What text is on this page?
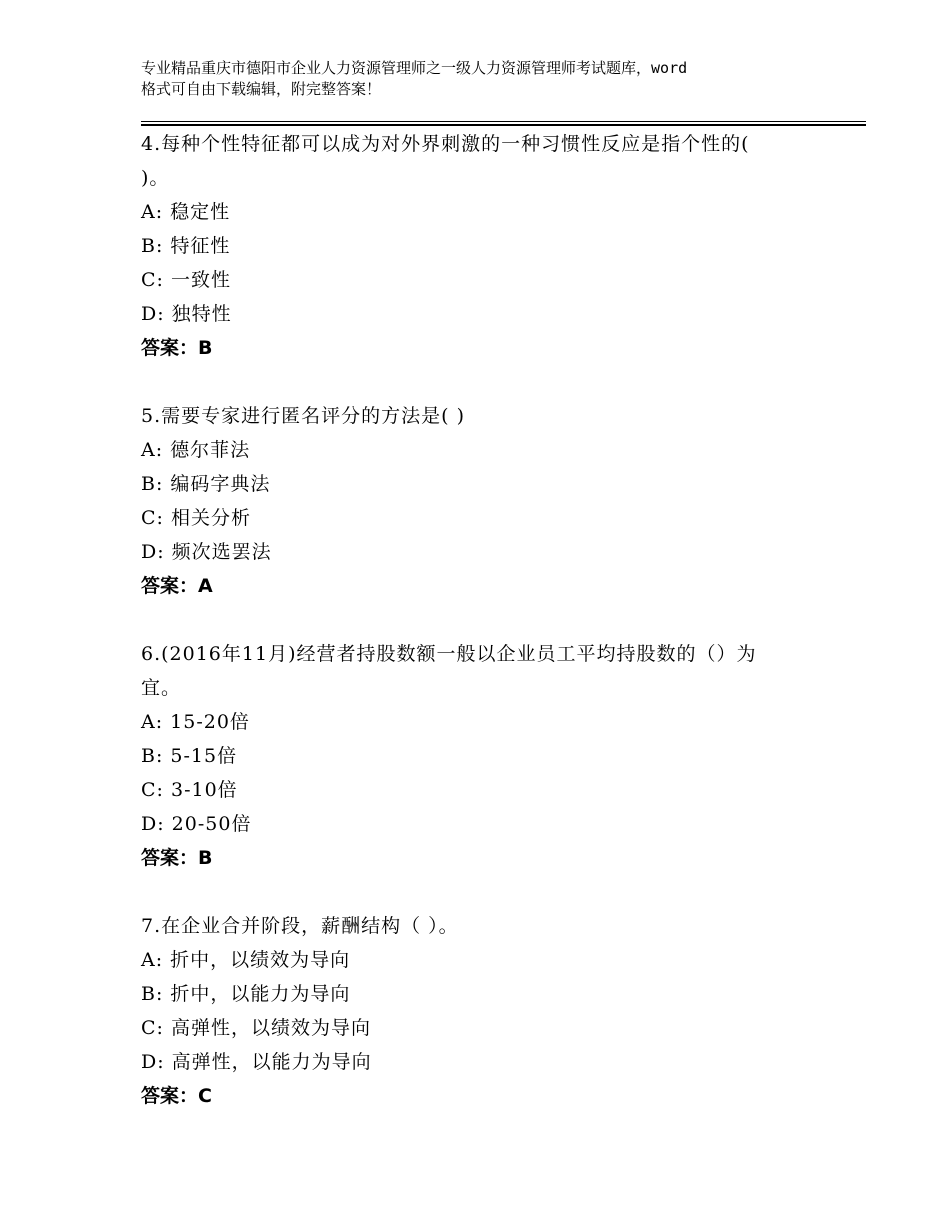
专业精品重庆市德阳市企业人力资源管理师之一级人力资源管理师考试题库，word
格式可自由下载编辑，附完整答案！
4.每种个性特征都可以成为对外界刺激的一种习惯性反应是指个性的(
)。
A: 稳定性
B: 特征性
C: 一致性
D: 独特性
答案：B
5.需要专家进行匿名评分的方法是( )
A: 德尔菲法
B: 编码字典法
C: 相关分析
D: 频次选罢法
答案：A
6.(2016年11月)经营者持股数额一般以企业员工平均持股数的（）为
宜。
A: 15-20倍
B: 5-15倍
C: 3-10倍
D: 20-50倍
答案：B
7.在企业合并阶段，薪酬结构（ ）。
A: 折中，以绩效为导向
B: 折中，以能力为导向
C: 高弹性，以绩效为导向
D: 高弹性，以能力为导向
答案：C
